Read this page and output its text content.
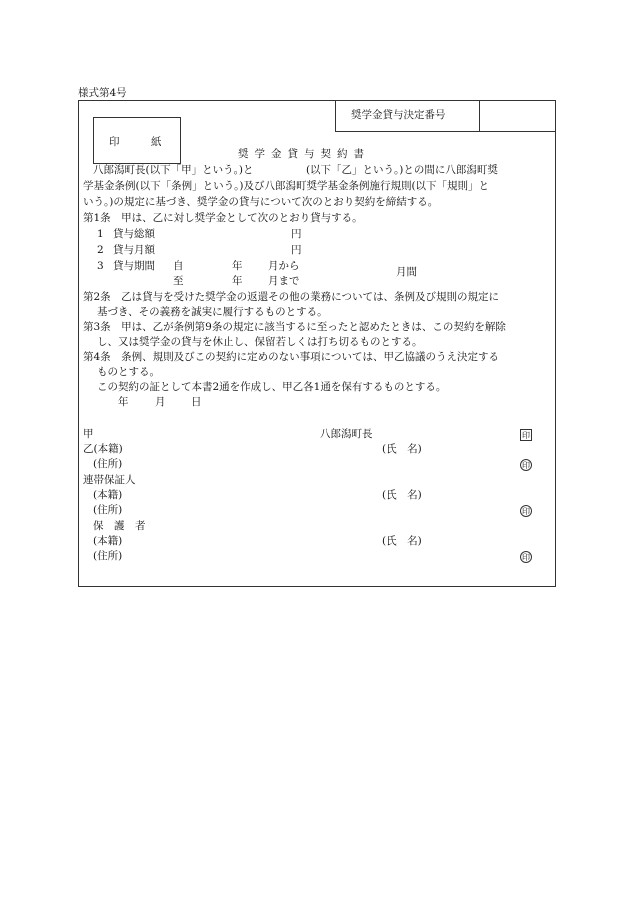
様式第4号
奨学金貸与決定番号
印　　　紙
奨学金貸与契約書
八郎潟町長(以下「甲」という。)と　　　　　(以下「乙」という。)との間に八郎潟町奨
学基金条例(以下「条例」という。)及び八郎潟町奨学基金条例施行規則(以下「規則」と
いう。)の規定に基づき、奨学金の貸与について次のとおり契約を締結する。
第1条　甲は、乙に対し奨学金として次のとおり貸与する。
1 貸与総額	円
2 貸与月額	円
3 貸与期間 自	年 月から
至	年 月まで
月間
第2条　乙は貸与を受けた奨学金の返還その他の業務については、条例及び規則の規定に
基づき、その義務を誠実に履行するものとする。
第3条　甲は、乙が条例第9条の規定に該当するに至ったと認めたときは、この契約を解除
し、又は奨学金の貸与を休止し、保留若しくは打ち切るものとする。
第4条　条例、規則及びこの契約に定めのない事項については、甲乙協議のうえ決定する
ものとする。
この契約の証として本書2通を作成し、甲乙各1通を保有するものとする。
年	月 日
甲	八郎潟町長	印
乙(本籍)	(氏　名)
(住所)	印
連帯保証人
(本籍)	(氏　名)
(住所)	印
保　護　者
(本籍)	(氏　名)
(住所)	印
